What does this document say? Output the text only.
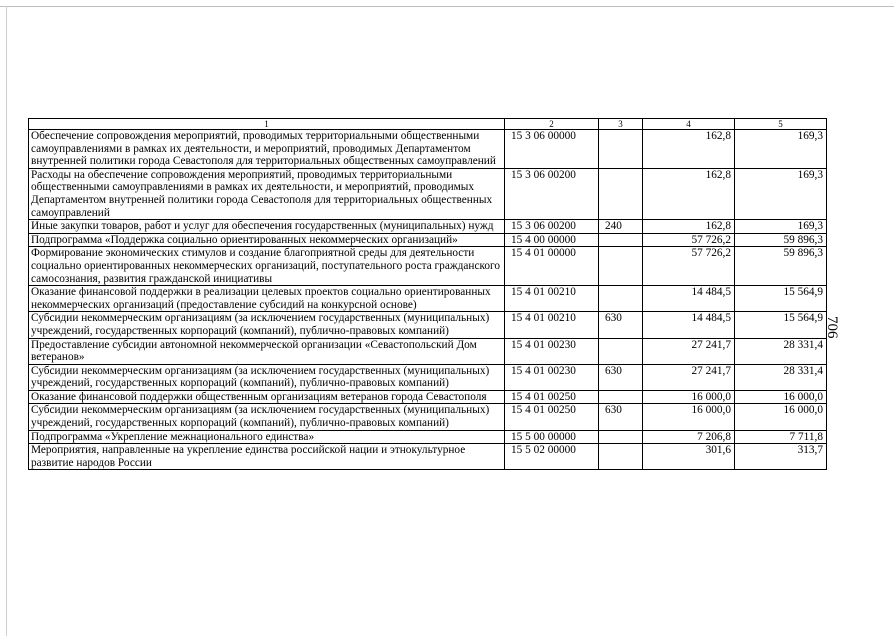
1	2	3	4	5
Обеспечение сопровождения мероприятий, проводимых территориальными общественными самоуправлениями в рамках их деятельности, и мероприятий, проводимых Департаментом внутренней политики города Севастополя для территориальных общественных самоуправлений	15 3 06 00000		162,8	169,3
Расходы на обеспечение сопровождения мероприятий, проводимых территориальными общественными самоуправлениями в рамках их деятельности, и мероприятий, проводимых Департаментом внутренней политики города Севастополя для территориальных общественных самоуправлений	15 3 06 00200		162,8	169,3
Иные закупки товаров, работ и услуг для обеспечения государственных (муниципальных) нужд	15 3 06 00200	240	162,8	169,3
Подпрограмма «Поддержка социально ориентированных некоммерческих организаций»	15 4 00 00000		57 726,2	59 896,3
Формирование экономических стимулов и создание благоприятной среды для деятельности социально ориентированных некоммерческих организаций, поступательного роста гражданского самосознания, развития гражданской инициативы	15 4 01 00000		57 726,2	59 896,3
Оказание финансовой поддержки в реализации целевых проектов социально ориентированных некоммерческих организаций (предоставление субсидий на конкурсной основе)	15 4 01 00210		14 484,5	15 564,9
Субсидии некоммерческим организациям (за исключением государственных (муниципальных) учреждений, государственных корпораций (компаний), публично-правовых компаний)	15 4 01 00210	630	14 484,5	15 564,9
Предоставление субсидии автономной некоммерческой организации «Севастопольский Дом ветеранов»	15 4 01 00230		27 241,7	28 331,4
Субсидии некоммерческим организациям (за исключением государственных (муниципальных) учреждений, государственных корпораций (компаний), публично-правовых компаний)	15 4 01 00230	630	27 241,7	28 331,4
Оказание финансовой поддержки общественным организациям ветеранов города Севастополя	15 4 01 00250		16 000,0	16 000,0
Субсидии некоммерческим организациям (за исключением государственных (муниципальных) учреждений, государственных корпораций (компаний), публично-правовых компаний)	15 4 01 00250	630	16 000,0	16 000,0
Подпрограмма «Укрепление межнационального единства»	15 5 00 00000		7 206,8	7 711,8
Мероприятия, направленные на укрепление единства российской нации и этнокультурное развитие народов России	15 5 02 00000		301,6	313,7
706
